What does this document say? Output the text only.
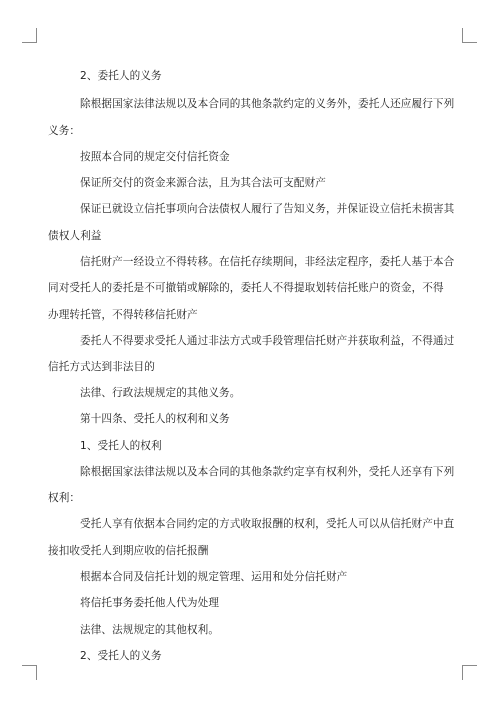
2、委托人的义务
除根据国家法律法规以及本合同的其他条款约定的义务外，委托人还应履行下列
义务：
按照本合同的规定交付信托资金
保证所交付的资金来源合法，且为其合法可支配财产
保证已就设立信托事项向合法债权人履行了告知义务，并保证设立信托未损害其
债权人利益
信托财产一经设立不得转移。在信托存续期间，非经法定程序，委托人基于本合
同对受托人的委托是不可撤销或解除的，委托人不得提取划转信托账户的资金，不得
办理转托管，不得转移信托财产
委托人不得要求受托人通过非法方式或手段管理信托财产并获取利益，不得通过
信托方式达到非法目的
法律、行政法规规定的其他义务。
第十四条、受托人的权利和义务
1、受托人的权利
除根据国家法律法规以及本合同的其他条款约定享有权利外，受托人还享有下列
权利：
受托人享有依据本合同约定的方式收取报酬的权利，受托人可以从信托财产中直
接扣收受托人到期应收的信托报酬
根据本合同及信托计划的规定管理、运用和处分信托财产
将信托事务委托他人代为处理
法律、法规规定的其他权利。
2、受托人的义务
